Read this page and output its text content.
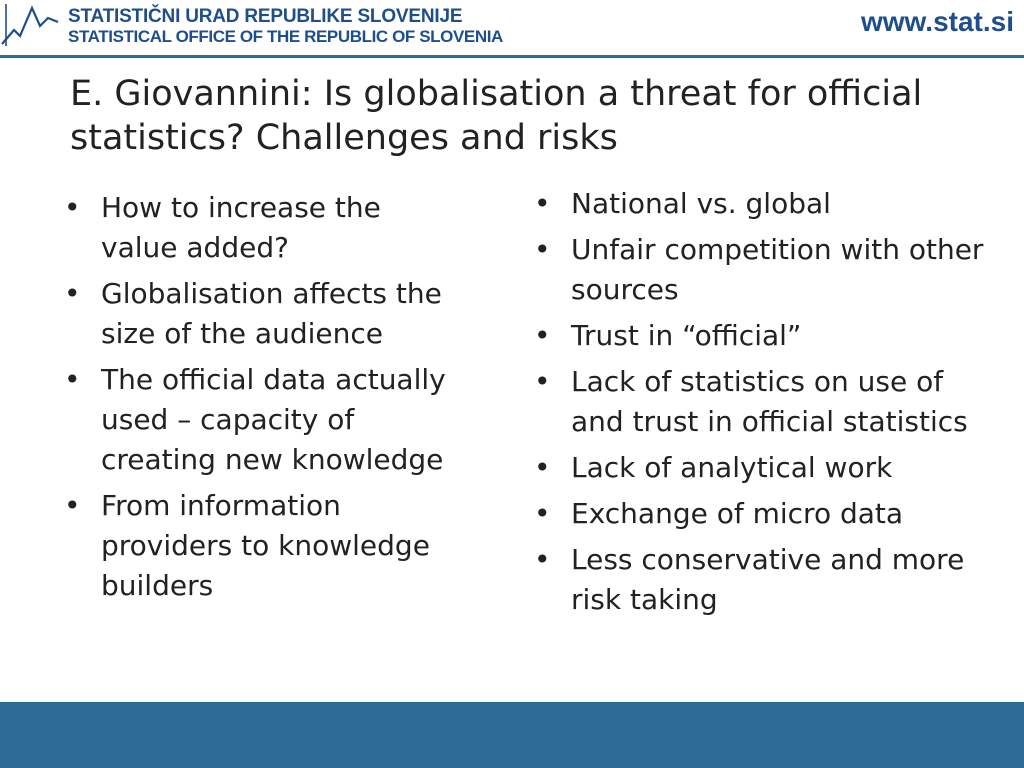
STATISTIČNI URAD REPUBLIKE SLOVENIJE
STATISTICAL OFFICE OF THE REPUBLIC OF SLOVENIA	www.stat.si
E. Giovannini: Is globalisation a threat for official statistics? Challenges and risks
• How to increase the value added?
• Globalisation affects the size of the audience
• The official data actually used – capacity of creating new knowledge
• From information providers to knowledge builders
• National vs. global
• Unfair competition with other sources
• Trust in “official”
• Lack of statistics on use of and trust in official statistics
• Lack of analytical work
• Exchange of micro data
• Less conservative and more risk taking
